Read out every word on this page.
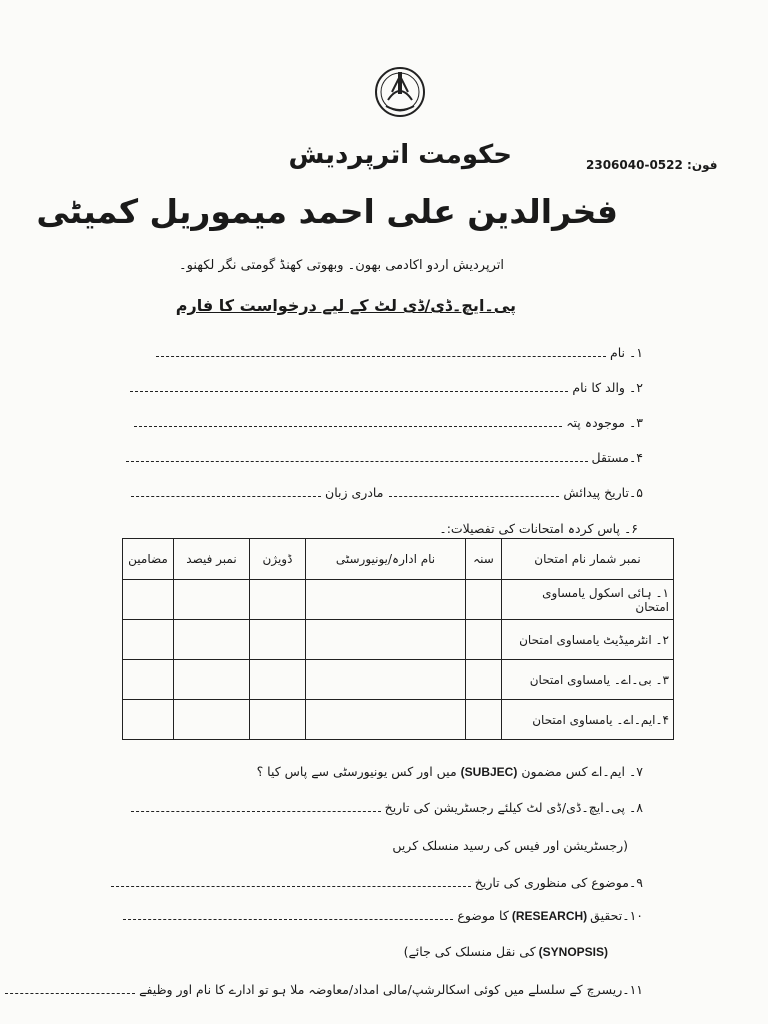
حکومت اترپردیش	فون: 0522-2306040
فخرالدین علی احمد میموریل کمیٹی
اترپردیش اردو اکادمی بھون۔ وبھوتی کھنڈ گومتی نگر لکھنو۔
پی۔ایچ۔ڈی/ڈی لٹ کے لیے درخواست کا فارم
۱۔ نام
۲۔ والد کا نام
۳۔ موجودہ پتہ
۴۔مستقل
۵۔تاریخ پیدائش
مادری زبان
۶۔ پاس کردہ امتحانات کی تفصیلات:۔
نمبر شمار نام امتحان	سنہ	نام ادارہ/یونیورسٹی	ڈویژن	نمبر فیصد	مضامین
۱۔ ہائی اسکول یامساوی امتحان					
۲۔ انٹرمیڈیٹ یامساوی امتحان					
۳۔ بی۔اے۔ یامساوی امتحان					
۴۔ایم۔اے۔ یامساوی امتحان					
۷۔ ایم۔اے کس مضمون
(SUBJEC)
میں اور کس یونیورسٹی سے پاس کیا ؟
۸۔ پی۔ایچ۔ڈی/ڈی لٹ کیلئے رجسٹریشن کی تاریخ
(رجسٹریشن اور فیس کی رسید منسلک کریں
۹۔موضوع کی منظوری کی تاریخ
۱۰۔تحقیق
(RESEARCH)
کا موضوع
(SYNOPSIS)
کی نقل منسلک کی جائے)
۱۱۔ریسرچ کے سلسلے میں کوئی اسکالرشپ/مالی امداد/معاوضہ ملا ہو تو ادارے کا نام اور وظیفے
